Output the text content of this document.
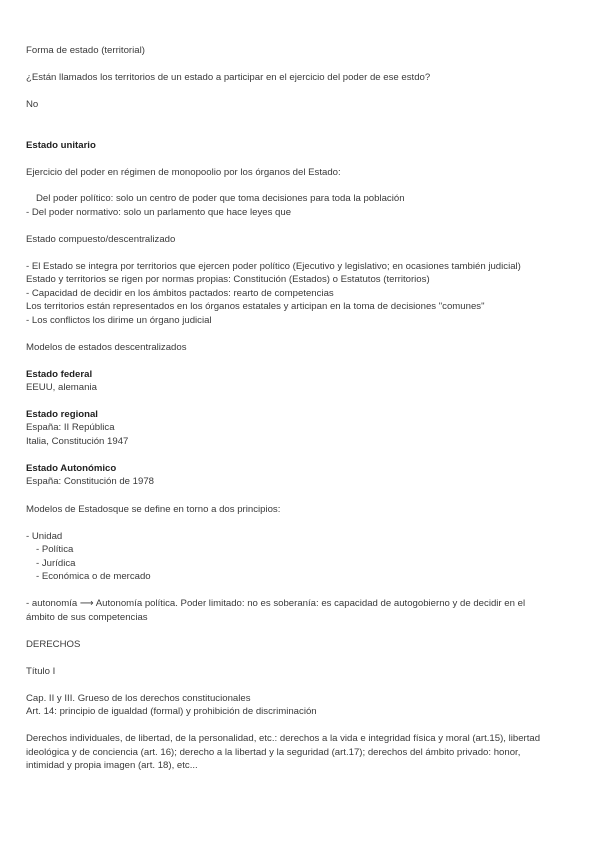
Forma de estado (territorial)

¿Están llamados los territorios de un estado a participar en el ejercicio del poder de ese estdo?

No

Estado unitario

Ejercicio del poder en régimen de monopoolio por los órganos del Estado:

Del poder político: solo un centro de poder que toma decisiones para toda la población

- Del poder normativo: solo un parlamento que hace leyes que

Estado compuesto/descentralizado

- El Estado se integra por territorios que ejercen poder político (Ejecutivo y legislativo; en ocasiones también judicial)

Estado y territorios se rigen por normas propias: Constitución (Estados) o Estatutos (territorios)

- Capacidad de decidir en los ámbitos pactados: rearto de competencias

Los territorios están representados en los órganos estatales y articipan en la toma de decisiones "comunes"

- Los conflictos los dirime un órgano judicial

Modelos de estados descentralizados

Estado federal

EEUU, alemania

Estado regional

España: II República

Italia, Constitución 1947

Estado Autonómico

España: Constitución de 1978

Modelos de Estadosque se define en torno a dos principios:

- Unidad

- Política

- Jurídica

- Económica o de mercado

- autonomía ⟶ Autonomía política. Poder limitado: no es soberanía: es capacidad de autogobierno y de decidir en el

ámbito de sus competencias

DERECHOS

Título I

Cap. II y III. Grueso de los derechos constitucionales

Art. 14: principio de igualdad (formal) y prohibición de discriminación

Derechos individuales, de libertad, de la personalidad, etc.: derechos a la vida e integridad física y moral (art.15), libertad

ideológica y de conciencia (art. 16); derecho a la libertad y la seguridad (art.17); derechos del ámbito privado: honor,

intimidad y propia imagen (art. 18), etc...
